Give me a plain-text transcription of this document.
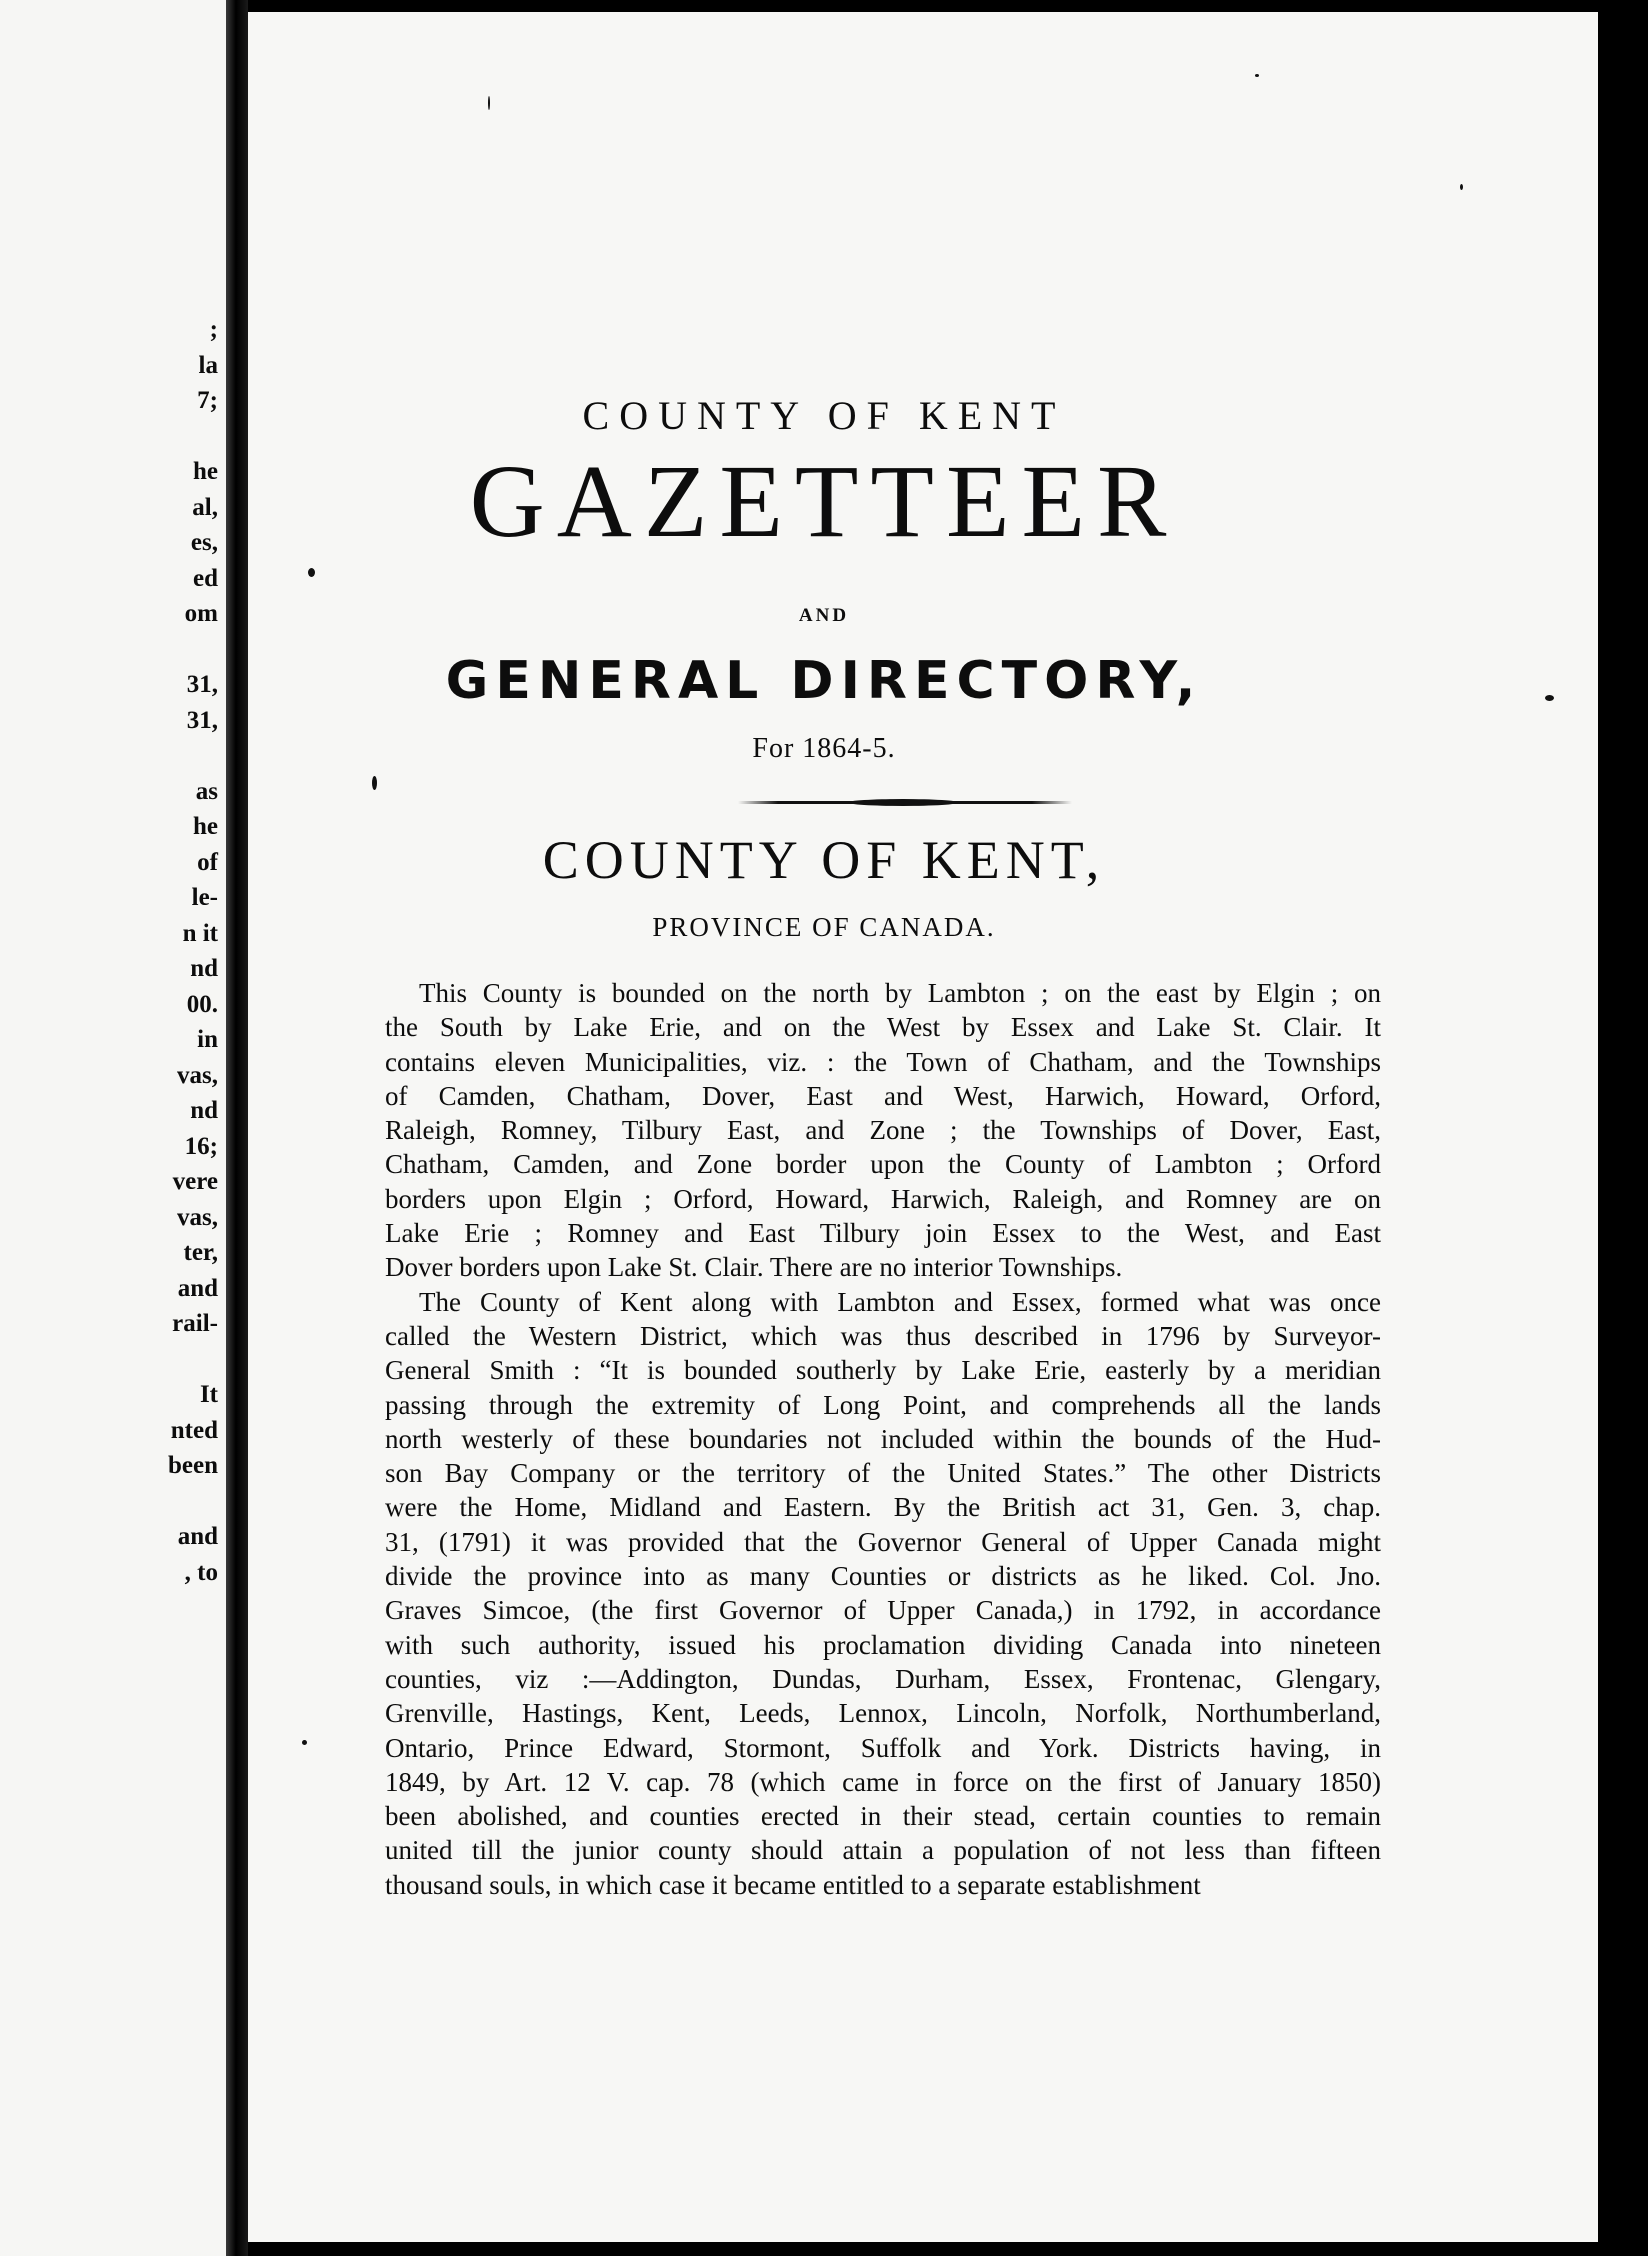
;
la
7;
he
al,
es,
ed
om
31,
31,
as
he
of
le-
n it
nd
00.
in
vas,
nd
16;
vere
vas,
ter,
and
rail-
It
nted
been
and
, to
COUNTY OF KENT
GAZETTEER
AND
GENERAL DIRECTORY,
For 1864-5.
COUNTY OF KENT,
PROVINCE OF CANADA.

This County is bounded on the north by Lambton ; on the east by Elgin ; on
the South by Lake Erie, and on the West by Essex and Lake St. Clair. It
contains eleven Municipalities, viz. : the Town of Chatham, and the Townships
of Camden, Chatham, Dover, East and West, Harwich, Howard, Orford,
Raleigh, Romney, Tilbury East, and Zone ; the Townships of Dover, East,
Chatham, Camden, and Zone border upon the County of Lambton ; Orford
borders upon Elgin ; Orford, Howard, Harwich, Raleigh, and Romney are on
Lake Erie ; Romney and East Tilbury join Essex to the West, and East
Dover borders upon Lake St. Clair. There are no interior Townships.

The County of Kent along with Lambton and Essex, formed what was once
called the Western District, which was thus described in 1796 by Surveyor-
General Smith : “It is bounded southerly by Lake Erie, easterly by a meridian
passing through the extremity of Long Point, and comprehends all the lands
north westerly of these boundaries not included within the bounds of the Hud-
son Bay Company or the territory of the United States.” The other Districts
were the Home, Midland and Eastern. By the British act 31, Gen. 3, chap.
31, (1791) it was provided that the Governor General of Upper Canada might
divide the province into as many Counties or districts as he liked. Col. Jno.
Graves Simcoe, (the first Governor of Upper Canada,) in 1792, in accordance
with such authority, issued his proclamation dividing Canada into nineteen
counties, viz :—Addington, Dundas, Durham, Essex, Frontenac, Glengary,
Grenville, Hastings, Kent, Leeds, Lennox, Lincoln, Norfolk, Northumberland,
Ontario, Prince Edward, Stormont, Suffolk and York. Districts having, in
1849, by Art. 12 V. cap. 78 (which came in force on the first of January 1850)
been abolished, and counties erected in their stead, certain counties to remain
united till the junior county should attain a population of not less than fifteen
thousand souls, in which case it became entitled to a separate establishment
